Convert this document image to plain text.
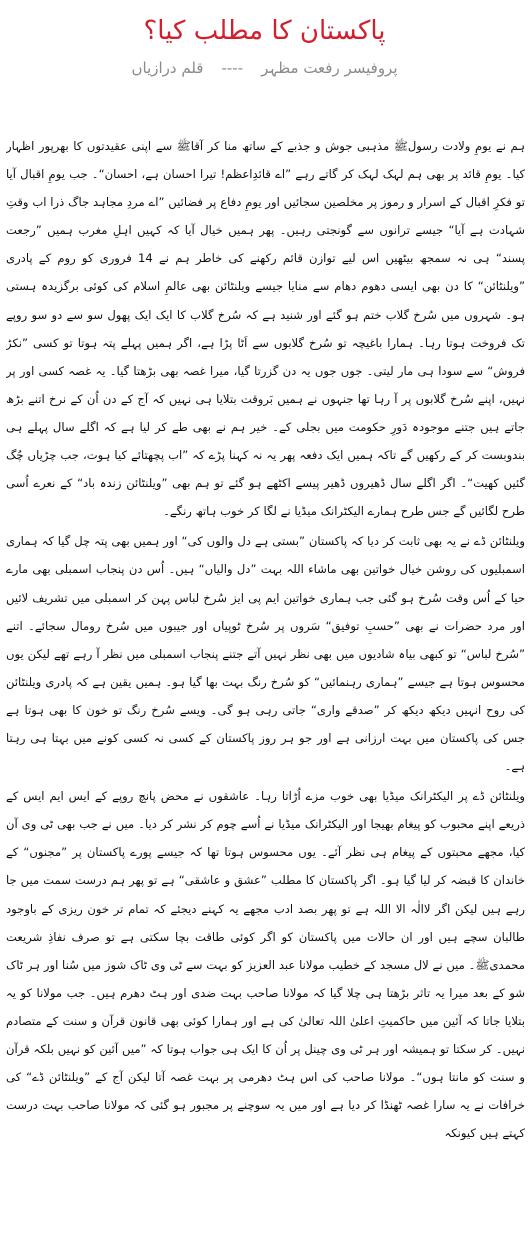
پاکستان کا مطلب کیا؟
پروفیسر رفعت مظہر
----
قلم درازیاں

ہم نے یومِ ولادت رسولﷺ مذہبی جوش و جذبے کے ساتھ منا کر آقاﷺ سے اپنی عقیدتوں کا بھرپور اظہار کیا۔ یومِ قائد پر بھی ہم لہک لہک کر گاتے رہے ”اے قائدِاعظم! تیرا احسان ہے، احسان“۔ جب یومِ اقبال آیا تو فکرِ اقبال کے اسرار و رموز پر مخلصین سجائیں اور یومِ دفاع پر فضائیں ”اے مردِ مجاہد جاگ ذرا اب وقتِ شہادت ہے آیا“ جیسے ترانوں سے گونجتی رہیں۔ پھر ہمیں خیال آیا کہ کہیں اہلِ مغرب ہمیں ”رجعت پسند“ ہی نہ سمجھ بیٹھیں اس لیے توازن قائم رکھنے کی خاطر ہم نے 14 فروری کو روم کے پادری ”ویلنٹائن“ کا دن بھی ایسی دھوم دھام سے منایا جیسے ویلنٹائن بھی عالمِ اسلام کی کوئی برگزیدہ ہستی ہو۔ شہروں میں سُرخ گلاب ختم ہو گئے اور شنید ہے کہ سُرخ گلاب کا ایک ایک پھول سو سے دو سو روپے تک فروخت ہوتا رہا۔ ہمارا باغیچہ تو سُرخ گلابوں سے اَٹا پڑا ہے، اگر ہمیں پہلے پتہ ہوتا تو کسی ”نکڑ فروش“ سے سودا ہی مار لیتی۔ جوں جوں یہ دن گزرتا گیا، میرا غصہ بھی بڑھتا گیا۔ یہ غصہ کسی اور پر نہیں، اپنے سُرخ گلابوں پر آ رہا تھا جنہوں نے ہمیں بَروقت بتلایا ہی نہیں کہ آج کے دن اُن کے نرخ اتنے بڑھ جاتے ہیں جتنے موجودہ دَورِ حکومت میں بجلی کے۔ خیر ہم نے بھی طے کر لیا ہے کہ اگلے سال پہلے ہی بندوبست کر کے رکھیں گے تاکہ ہمیں ایک دفعہ پھر یہ نہ کہنا پڑے کہ ”اب پچھتائے کیا ہوت، جب چڑیاں چُگ گئیں کھیت“۔ اگر اگلے سال ڈھیروں ڈھیر پیسے اکٹھے ہو گئے تو ہم بھی ”ویلنٹائن زندہ باد“ کے نعرے اُسی طرح لگائیں گے جس طرح ہمارے الیکٹرانک میڈیا نے لگا کر خوب ہاتھ رنگے۔

ویلنٹائن ڈے نے یہ بھی ثابت کر دیا کہ پاکستان ”بستی ہے دل والوں کی“ اور ہمیں بھی پتہ چل گیا کہ ہماری اسمبلیوں کی روشن خیال خواتین بھی ماشاء اللہ بہت ”دل والیاں“ ہیں۔ اُس دن پنجاب اسمبلی بھی مارے حیا کے اُس وقت سُرخ ہو گئی جب ہماری خواتین ایم پی ایز سُرخ لباس پہن کر اسمبلی میں تشریف لائیں اور مرد حضرات نے بھی ”حسبِ توفیق“ سَروں پر سُرخ ٹوپیاں اور جیبوں میں سُرخ رومال سجائے۔ اتنے ”سُرخ لباس“ تو کبھی بیاہ شادیوں میں بھی نظر نہیں آتے جتنے پنجاب اسمبلی میں نظر آ رہے تھے لیکن یوں محسوس ہوتا ہے جیسے ”ہماری رہنمائیں“ کو سُرخ رنگ بہت بھا گیا ہو۔ ہمیں یقین ہے کہ پادری ویلنٹائن کی روح انہیں دیکھ دیکھ کر ”صدقے واری“ جاتی رہی ہو گی۔ ویسے سُرخ رنگ تو خون کا بھی ہوتا ہے جس کی پاکستان میں بہت ارزانی ہے اور جو ہر روز پاکستان کے کسی نہ کسی کونے میں بہتا ہی رہتا ہے۔

ویلنٹائن ڈے پر الیکٹرانک میڈیا بھی خوب مزے اُڑاتا رہا۔ عاشقوں نے محض پانچ روپے کے ایس ایم ایس کے ذریعے اپنے محبوب کو پیغام بھیجا اور الیکٹرانک میڈیا نے اُسے چوم کر نشر کر دیا۔ میں نے جب بھی ٹی وی آن کیا، مجھے محبتوں کے پیغام ہی نظر آئے۔ یوں محسوس ہوتا تھا کہ جیسے پورے پاکستان پر ”مجنوں“ کے خاندان کا قبضہ کر لیا گیا ہو۔ اگر پاکستان کا مطلب ”عشق و عاشقی“ ہے تو پھر ہم درست سمت میں جا رہے ہیں لیکن اگر لاالٰہ الا اللہ ہے تو پھر بصد ادب مجھے یہ کہنے دیجئے کہ تمام تر خون ریزی کے باوجود طالبان سچے ہیں اور ان حالات میں پاکستان کو اگر کوئی طاقت بچا سکتی ہے تو صرف نفاذِ شریعت محمدیﷺ۔ میں نے لال مسجد کے خطیب مولانا عبد العزیز کو بہت سے ٹی وی ٹاک شوز میں سُنا اور ہر ٹاک شو کے بعد میرا یہ تاثر بڑھتا ہی چلا گیا کہ مولانا صاحب بہت ضدی اور ہٹ دھرم ہیں۔ جب مولانا کو یہ بتلایا جاتا کہ آئین میں حاکمیتِ اعلیٰ اللہ تعالیٰ کی ہے اور ہمارا کوئی بھی قانون قرآن و سنت کے متصادم نہیں۔ کر سکتا تو ہمیشہ اور ہر ٹی وی چینل پر اُن کا ایک ہی جواب ہوتا کہ ”میں آئین کو نہیں بلکہ قرآن و سنت کو مانتا ہوں“۔ مولانا صاحب کی اس ہٹ دھرمی پر بہت غصہ آتا لیکن آج کے ”ویلنٹائن ڈے“ کی خرافات نے یہ سارا غصہ ٹھنڈا کر دیا ہے اور میں یہ سوچنے پر مجبور ہو گئی کہ مولانا صاحب بہت درست کہتے ہیں کیونکہ
